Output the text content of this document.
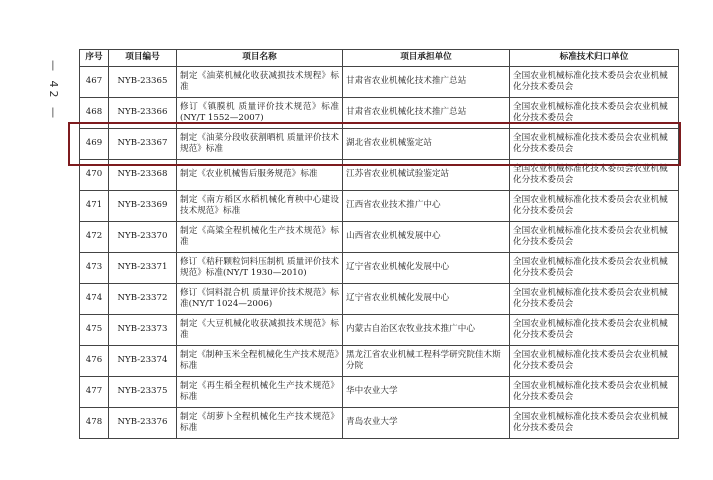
— 42 —
序号	项目编号	项目名称	项目承担单位	标准技术归口单位
467	NYB-23365	制定《油菜机械化收获减损技术规程》标准	甘肃省农业机械化技术推广总站	全国农业机械标准化技术委员会农业机械化分技术委员会
468	NYB-23366	修订《镇膜机 质量评价技术规范》标准(NY/T 1552—2007)	甘肃省农业机械化技术推广总站	全国农业机械标准化技术委员会农业机械化分技术委员会
469	NYB-23367	制定《油菜分段收获割晒机 质量评价技术规范》标准	湖北省农业机械鉴定站	全国农业机械标准化技术委员会农业机械化分技术委员会
470	NYB-23368	制定《农业机械售后服务规范》标准	江苏省农业机械试验鉴定站	全国农业机械标准化技术委员会农业机械化分技术委员会
471	NYB-23369	制定《南方稻区水稻机械化育秧中心建设技术规范》标准	江西省农业技术推广中心	全国农业机械标准化技术委员会农业机械化分技术委员会
472	NYB-23370	制定《高粱全程机械化生产技术规范》标准	山西省农业机械发展中心	全国农业机械标准化技术委员会农业机械化分技术委员会
473	NYB-23371	修订《秸秆颗粒饲料压制机 质量评价技术规范》标准(NY/T 1930—2010)	辽宁省农业机械化发展中心	全国农业机械标准化技术委员会农业机械化分技术委员会
474	NYB-23372	修订《饲料混合机 质量评价技术规范》标准(NY/T 1024—2006)	辽宁省农业机械化发展中心	全国农业机械标准化技术委员会农业机械化分技术委员会
475	NYB-23373	制定《大豆机械化收获减损技术规范》标准	内蒙古自治区农牧业技术推广中心	全国农业机械标准化技术委员会农业机械化分技术委员会
476	NYB-23374	制定《制种玉米全程机械化生产技术规范》标准	黑龙江省农业机械工程科学研究院佳木斯分院	全国农业机械标准化技术委员会农业机械化分技术委员会
477	NYB-23375	制定《再生稻全程机械化生产技术规范》标准	华中农业大学	全国农业机械标准化技术委员会农业机械化分技术委员会
478	NYB-23376	制定《胡萝卜全程机械化生产技术规范》标准	青岛农业大学	全国农业机械标准化技术委员会农业机械化分技术委员会
